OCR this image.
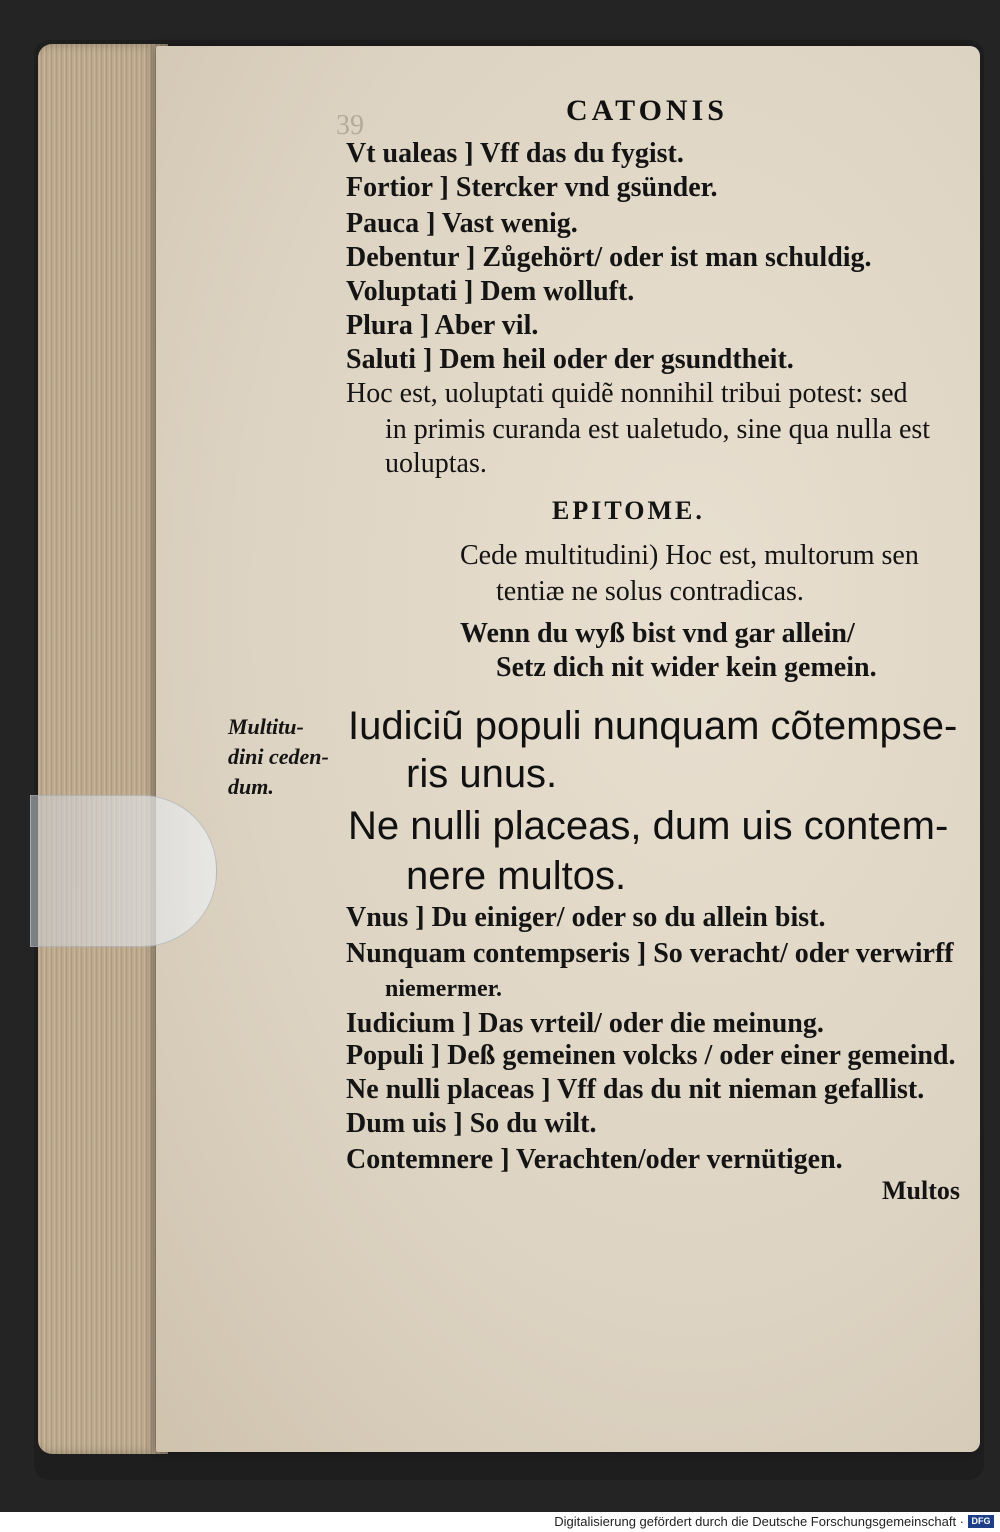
39	CATONIS
Vt ualeas ] Vff das du fygist.
Fortior ] Stercker vnd gsünder.
Pauca ] Vast wenig.
Debentur ] Zůgehört/ oder ist man schuldig.
Voluptati ] Dem wolluft.
Plura ] Aber vil.
Saluti ] Dem heil oder der gsundtheit.
Hoc est, uoluptati quidẽ nonnihil tribui potest: sed
in primis curanda est ualetudo, sine qua nulla est
uoluptas.
EPITOME.
Cede multitudini) Hoc est, multorum sen
tentiæ ne solus contradicas.
Wenn du wyß bist vnd gar allein/
Setz dich nit wider kein gemein.
Multitu-
dini ceden-
dum.
Iudiciũ populi nunquam cõtempse-
ris unus.
Ne nulli placeas, dum uis contem-
nere multos.
Vnus ] Du einiger/ oder so du allein bist.
Nunquam contempseris ] So veracht/ oder verwirff
niemermer.
Iudicium ] Das vrteil/ oder die meinung.
Populi ] Deß gemeinen volcks / oder einer gemeind.
Ne nulli placeas ] Vff das du nit nieman gefallist.
Dum uis ] So du wilt.
Contemnere ] Verachten/oder vernütigen.
Multos
Digitalisierung gefördert durch die Deutsche Forschungsgemeinschaft · DFG
